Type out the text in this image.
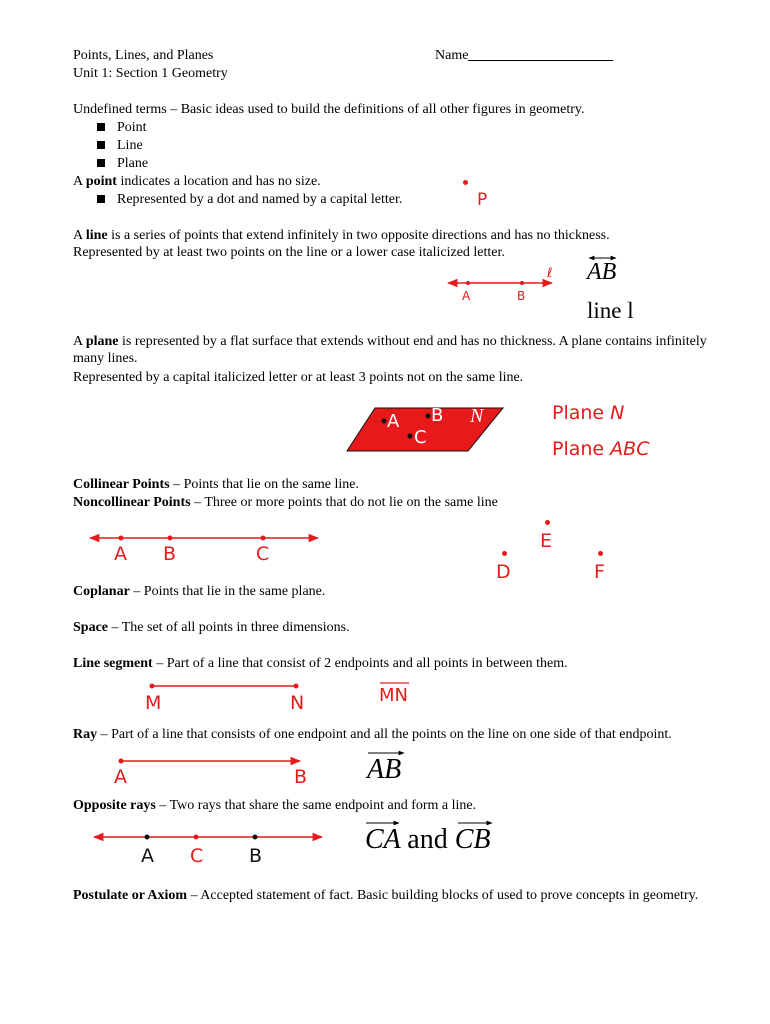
Points, Lines, and Planes
Unit 1: Section 1 Geometry
Name
Undefined terms – Basic ideas used to build the definitions of all other figures in geometry.
Point
Line
Plane
A point indicates a location and has no size.
Represented by a dot and named by a capital letter.	P
A line is a series of points that extend infinitely in two opposite directions and has no thickness.
Represented by at least two points on the line or a lower case italicized letter.
A	B
ℓ AB
line l
A plane is represented by a flat surface that extends without end and has no thickness. A plane contains infinitely many lines.
Represented by a capital italicized letter or at least 3 points not on the same line.
A B
C
N	Plane N
Plane ABC
Collinear Points – Points that lie on the same line.
Noncollinear Points – Three or more points that do not lie on the same line
A B	C
E
D	F
Coplanar – Points that lie in the same plane.
Space – The set of all points in three dimensions.
Line segment – Part of a line that consist of 2 endpoints and all points in between them.
M	N	MN
Ray – Part of a line that consists of one endpoint and all the points on the line on one side of that endpoint.
A	B AB
Opposite rays – Two rays that share the same endpoint and form a line.
A C B
CA and CB
Postulate or Axiom – Accepted statement of fact. Basic building blocks of used to prove concepts in geometry.
